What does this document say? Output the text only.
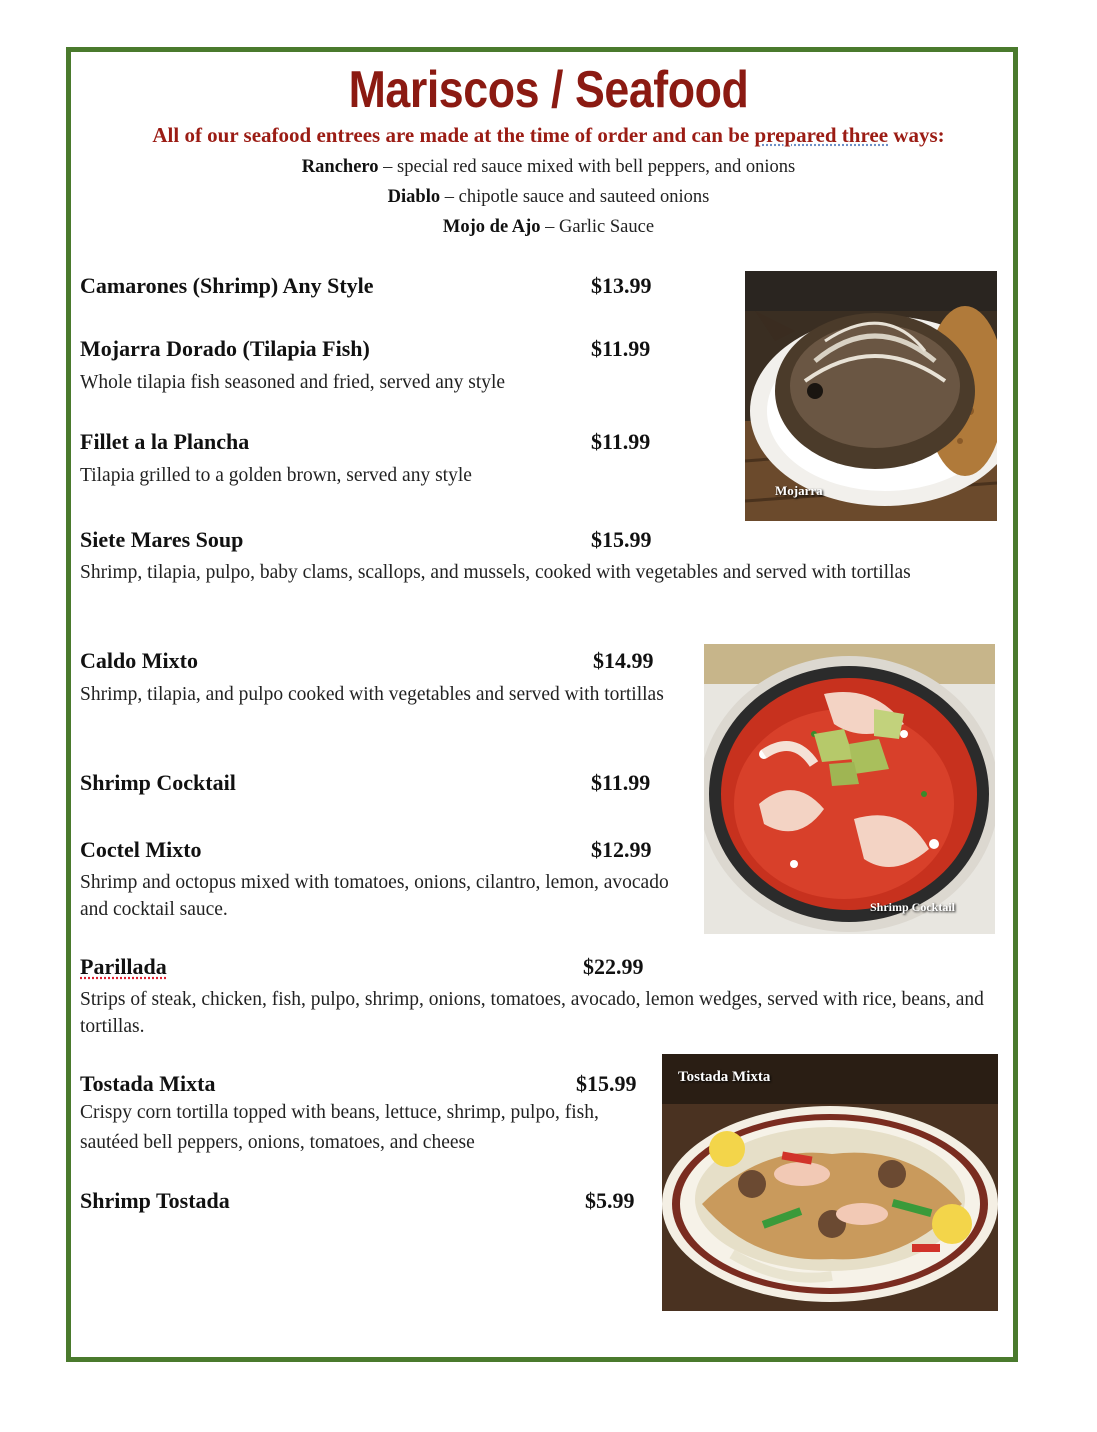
Mariscos / Seafood
All of our seafood entrees are made at the time of order and can be prepared three ways:
Ranchero – special red sauce mixed with bell peppers, and onions
Diablo – chipotle sauce and sauteed onions
Mojo de Ajo – Garlic Sauce
Camarones (Shrimp) Any Style	$13.99
Mojarra Dorado (Tilapia Fish)	$11.99
Whole tilapia fish seasoned and fried, served any style
Fillet a la Plancha	$11.99
Tilapia grilled to a golden brown, served any style
Siete Mares Soup	$15.99
Shrimp, tilapia, pulpo, baby clams, scallops, and mussels, cooked with vegetables and served with tortillas
Caldo Mixto	$14.99
Shrimp, tilapia, and pulpo cooked with vegetables and served with tortillas
Shrimp Cocktail	$11.99
Coctel Mixto	$12.99
Shrimp and octopus mixed with tomatoes, onions, cilantro, lemon, avocado and cocktail sauce.
Parillada	$22.99
Strips of steak, chicken, fish, pulpo, shrimp, onions, tomatoes, avocado, lemon wedges, served with rice, beans, and tortillas.
Tostada Mixta	$15.99
Crispy corn tortilla topped with beans, lettuce, shrimp, pulpo, fish, sautéed bell peppers, onions, tomatoes, and cheese
Shrimp Tostada	$5.99
Mojarra
Shrimp Cocktail
Tostada Mixta
